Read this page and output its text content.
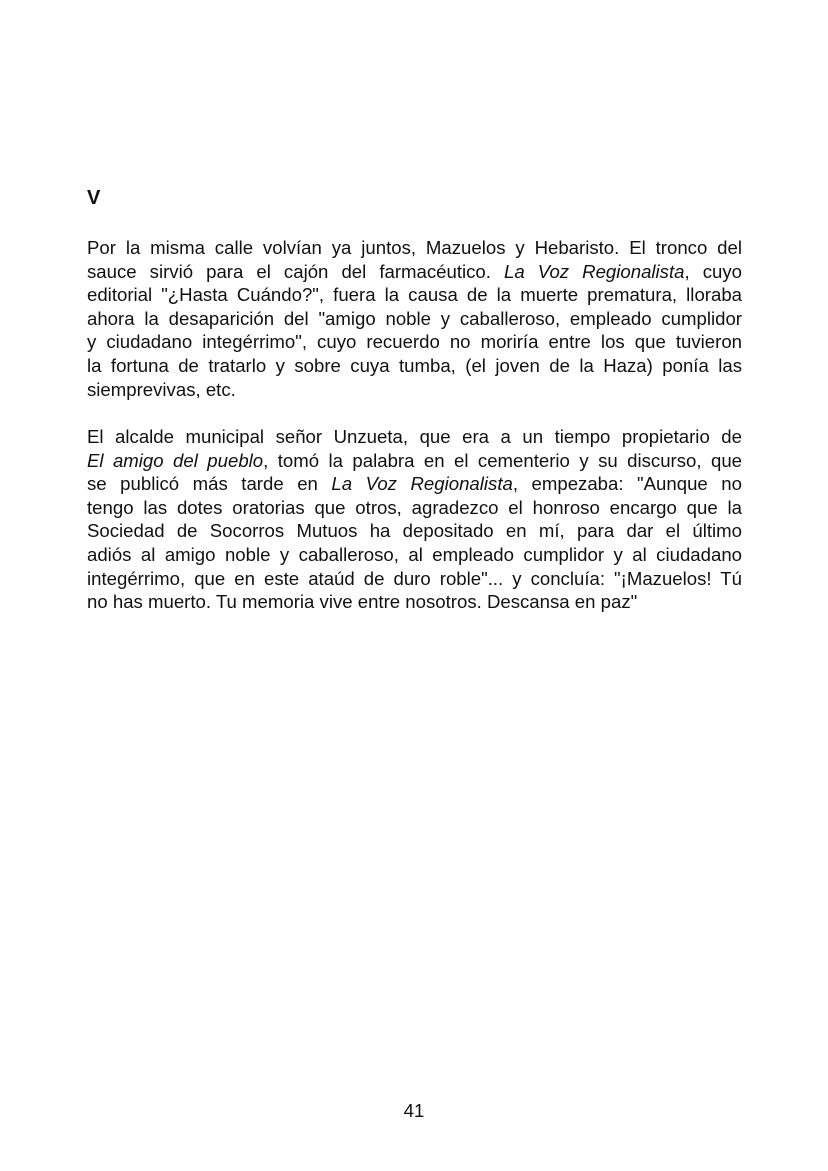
V
Por la misma calle volvían ya juntos, Mazuelos y Hebaristo. El tronco del
sauce sirvió para el cajón del farmacéutico. La Voz Regionalista, cuyo
editorial "¿Hasta Cuándo?", fuera la causa de la muerte prematura, lloraba
ahora la desaparición del "amigo noble y caballeroso, empleado cumplidor
y ciudadano integérrimo", cuyo recuerdo no moriría entre los que tuvieron
la fortuna de tratarlo y sobre cuya tumba, (el joven de la Haza) ponía las
siemprevivas, etc.
El alcalde municipal señor Unzueta, que era a un tiempo propietario de
El amigo del pueblo, tomó la palabra en el cementerio y su discurso, que
se publicó más tarde en La Voz Regionalista, empezaba: "Aunque no
tengo las dotes oratorias que otros, agradezco el honroso encargo que la
Sociedad de Socorros Mutuos ha depositado en mí, para dar el último
adiós al amigo noble y caballeroso, al empleado cumplidor y al ciudadano
integérrimo, que en este ataúd de duro roble"... y concluía: "¡Mazuelos! Tú
no has muerto. Tu memoria vive entre nosotros. Descansa en paz"
41
